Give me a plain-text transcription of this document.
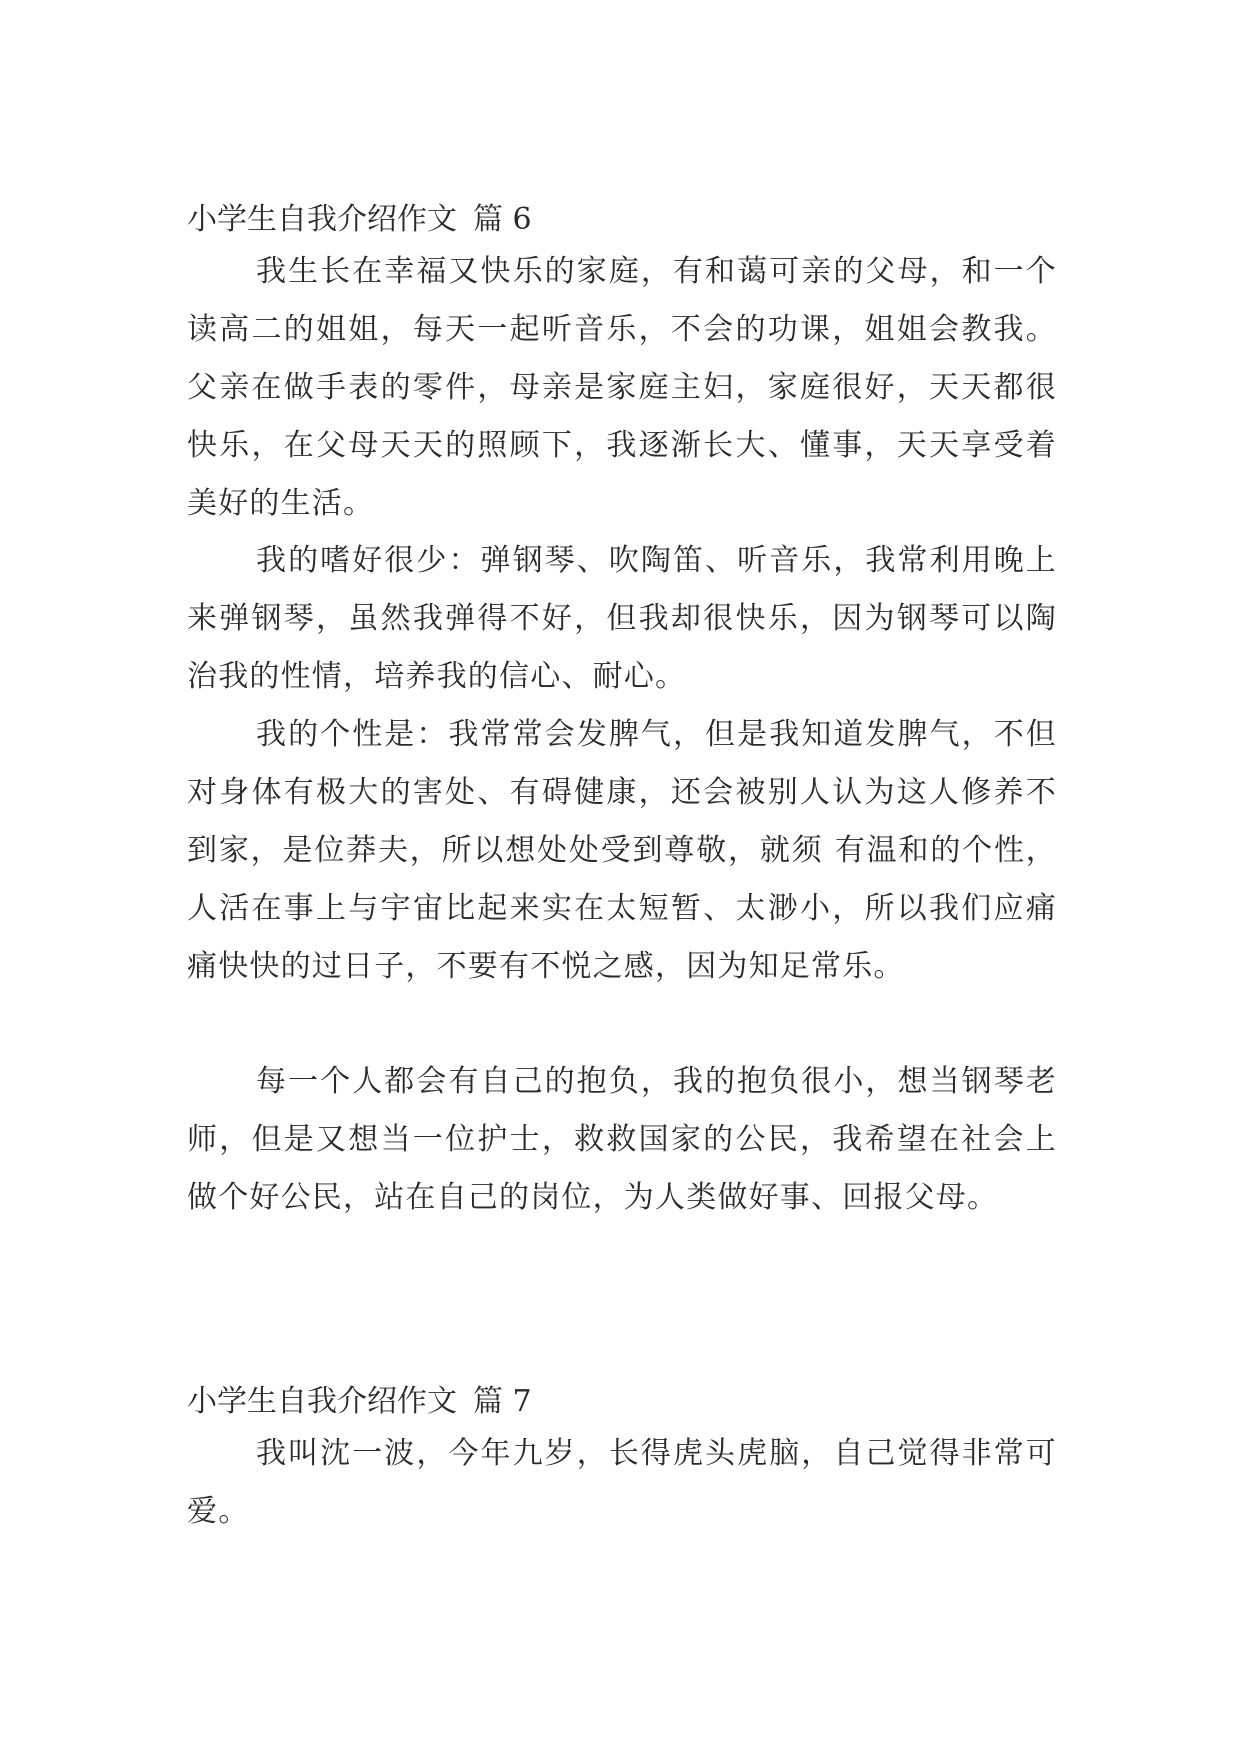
小学生自我介绍作文 篇 6

我生长在幸福又快乐的家庭，有和蔼可亲的父母，和一个读高二的姐姐，每天一起听音乐，不会的功课，姐姐会教我。父亲在做手表的零件，母亲是家庭主妇，家庭很好，天天都很快乐，在父母天天的照顾下，我逐渐长大、懂事，天天享受着美好的生活。

我的嗜好很少：弹钢琴、吹陶笛、听音乐，我常利用晚上来弹钢琴，虽然我弹得不好，但我却很快乐，因为钢琴可以陶治我的性情，培养我的信心、耐心。

我的个性是：我常常会发脾气，但是我知道发脾气，不但对身体有极大的害处、有碍健康，还会被别人认为这人修养不到家，是位莽夫，所以想处处受到尊敬，就须 有温和的个性，人活在事上与宇宙比起来实在太短暂、太渺小，所以我们应痛痛快快的过日子，不要有不悦之感，因为知足常乐。

每一个人都会有自己的抱负，我的抱负很小，想当钢琴老师，但是又想当一位护士，救救国家的公民，我希望在社会上做个好公民，站在自己的岗位，为人类做好事、回报父母。

小学生自我介绍作文 篇 7

我叫沈一波，今年九岁，长得虎头虎脑，自己觉得非常可爱。
